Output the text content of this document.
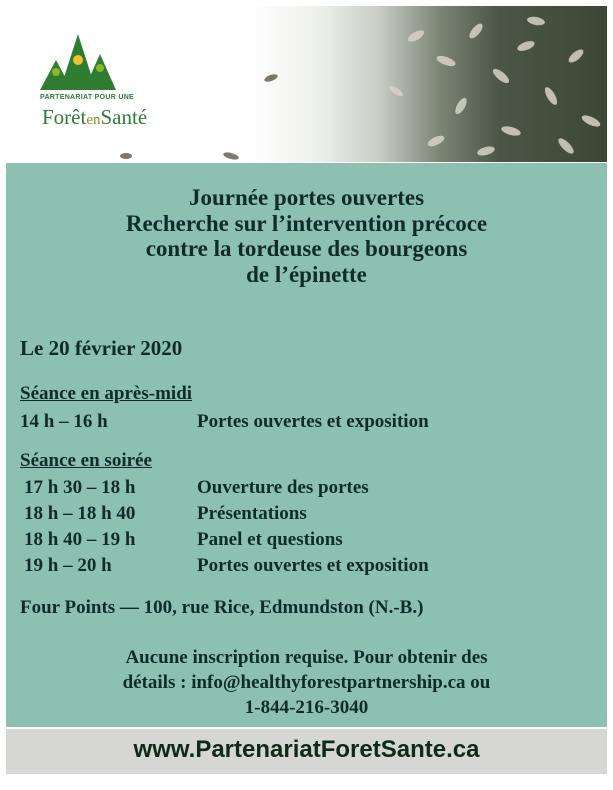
PARTENARIAT POUR UNE
ForêtenSanté
Journée portes ouvertes
Recherche sur l’intervention précoce
contre la tordeuse des bourgeons
de l’épinette
Le 20 février 2020
Séance en après-midi
14 h – 16 h	Portes ouvertes et exposition
Séance en soirée
17 h 30 – 18 h	Ouverture des portes
18 h – 18 h 40	Présentations
18 h 40 – 19 h	Panel et questions
19 h – 20 h	Portes ouvertes et exposition
Four Points — 100, rue Rice, Edmundston (N.-B.)
Aucune inscription requise. Pour obtenir des
détails : info@healthyforestpartnership.ca ou
1-844-216-3040
www.PartenariatForetSante.ca
